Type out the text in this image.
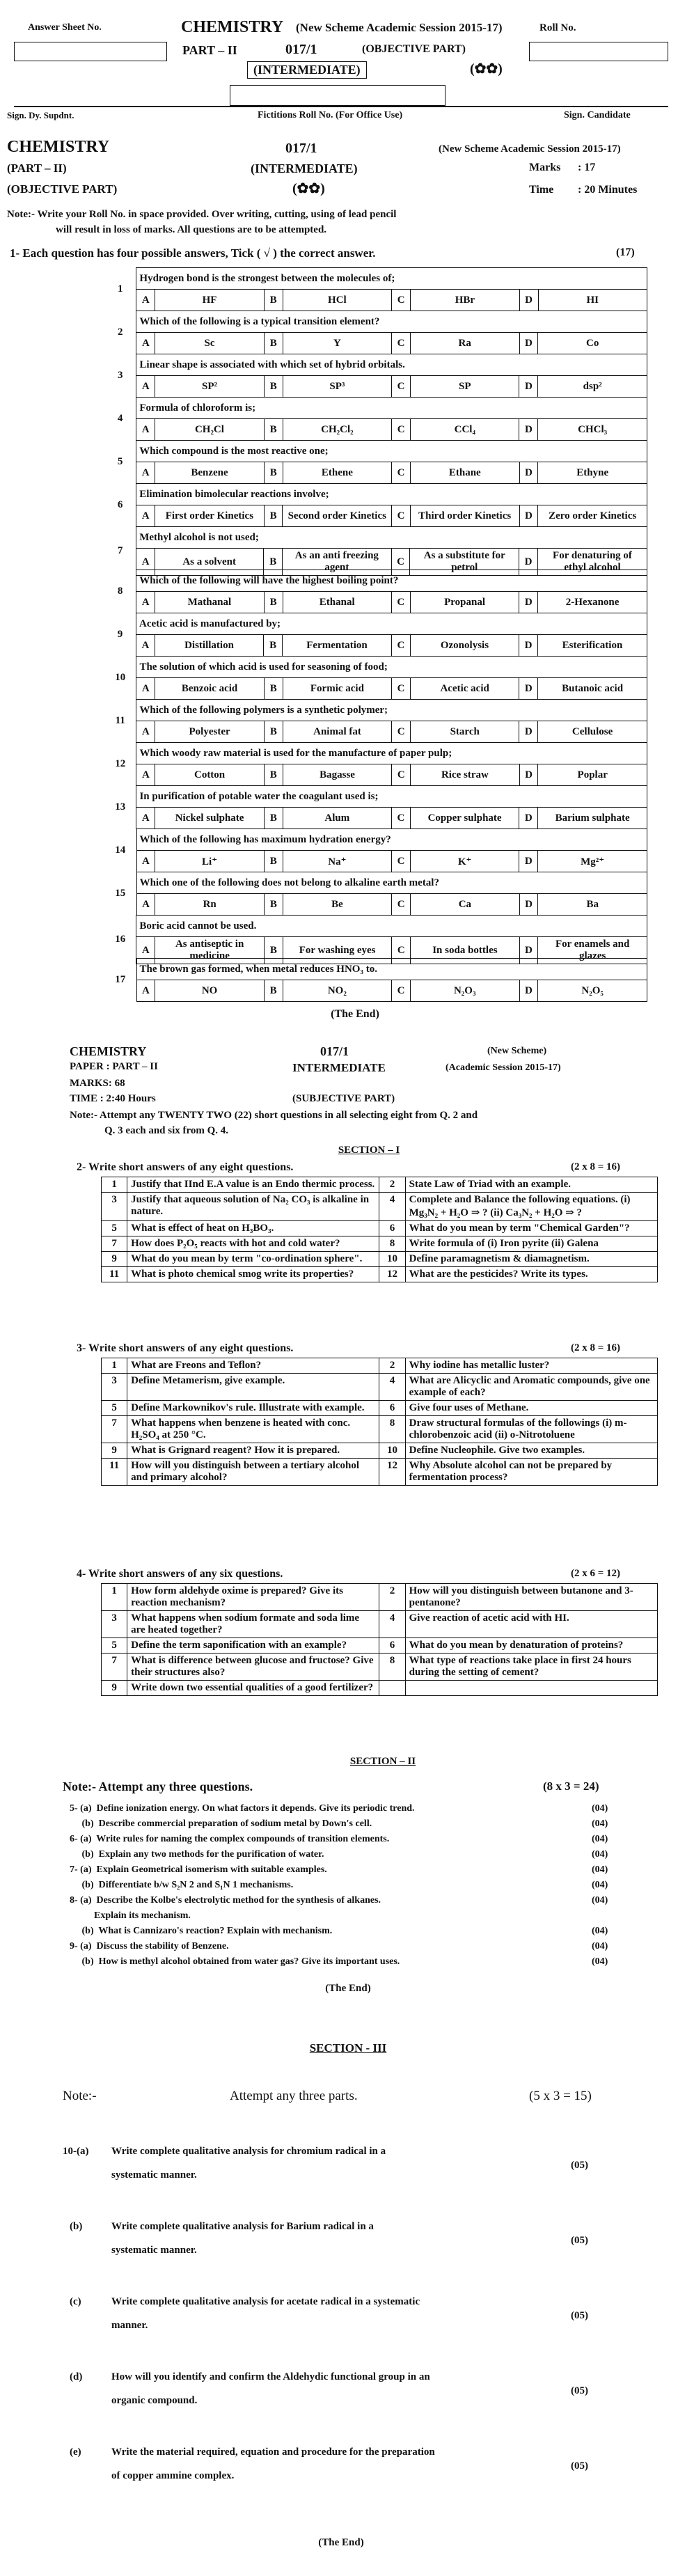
Answer Sheet No.	CHEMISTRY (New Scheme Academic Session 2015-17)	Roll No.
PART – II	017/1	(OBJECTIVE PART)
(INTERMEDIATE)	(✿✿)
Sign. Dy. Supdnt.	Fictitions Roll No. (For Office Use)	Sign. Candidate
CHEMISTRY	017/1	(New Scheme Academic Session 2015-17)
(PART – II)	(INTERMEDIATE)	Marks : 17
(OBJECTIVE PART)	(✿✿)	Time : 20 Minutes
Note:- Write your Roll No. in space provided. Over writing, cutting, using of lead pencil
will result in loss of marks. All questions are to be attempted.
1- Each question has four possible answers, Tick ( √ ) the correct answer.	(17)
1	Hydrogen bond is the strongest between the molecules of;							
	A	HF	B	HCl	C	HBr	D	HI
2	Which of the following is a typical transition element?							
	A	Sc	B	Y	C	Ra	D	Co
3	Linear shape is associated with which set of hybrid orbitals.							
	A	SP²	B	SP³	C	SP	D	dsp²
4	Formula of chloroform is;							
	A	CH₂Cl	B	CH₂Cl₂	C	CCl₄	D	CHCl₃
5	Which compound is the most reactive one;							
	A	Benzene	B	Ethene	C	Ethane	D	Ethyne
6	Elimination bimolecular reactions involve;							
	A	First order Kinetics	B	Second order Kinetics	C	Third order Kinetics	D	Zero order Kinetics
7	Methyl alcohol is not used;							
	A	As a solvent	B	As an anti freezing agent	C	As a substitute for petrol	D	For denaturing of ethyl alcohol
8	Which of the following will have the highest boiling point?							
	A	Mathanal	B	Ethanal	C	Propanal	D	2-Hexanone
9	Acetic acid is manufactured by;							
	A	Distillation	B	Fermentation	C	Ozonolysis	D	Esterification
10	The solution of which acid is used for seasoning of food;							
	A	Benzoic acid	B	Formic acid	C	Acetic acid	D	Butanoic acid
11	Which of the following polymers is a synthetic polymer;							
	A	Polyester	B	Animal fat	C	Starch	D	Cellulose
12	Which woody raw material is used for the manufacture of paper pulp;							
	A	Cotton	B	Bagasse	C	Rice straw	D	Poplar
13	In purification of potable water the coagulant used is;							
	A	Nickel sulphate	B	Alum	C	Copper sulphate	D	Barium sulphate
14	Which of the following has maximum hydration energy?							
	A	Li⁺	B	Na⁺	C	K⁺	D	Mg²⁺
15	Which one of the following does not belong to alkaline earth metal?							
	A	Rn	B	Be	C	Ca	D	Ba
16	Boric acid cannot be used.							
	A	As antiseptic in medicine	B	For washing eyes	C	In soda bottles	D	For enamels and glazes
17	The brown gas formed, when metal reduces HNO₃ to.							
	A	NO	B	NO₂	C	N₂O₃	D	N₂O₅
(The End)
CHEMISTRY	017/1	(New Scheme)
PAPER : PART – II	INTERMEDIATE	(Academic Session 2015-17)
MARKS: 68
TIME : 2:40 Hours	(SUBJECTIVE PART)
Note:- Attempt any TWENTY TWO (22) short questions in all selecting eight from Q. 2 and
Q. 3 each and six from Q. 4.
SECTION – I
2- Write short answers of any eight questions.	(2 x 8 = 16)
1	Justify that IInd E.A value is an Endo thermic process.	2	State Law of Triad with an example.
3	Justify that aqueous solution of Na₂ CO₃ is alkaline in nature.	4	Complete and Balance the following equations. (i) Mg₃N₂ + H₂O ⇒ ? (ii) Ca₃N₂ + H₂O ⇒ ?
5	What is effect of heat on H₃BO₃.	6	What do you mean by term "Chemical Garden"?
7	How does P₂O₅ reacts with hot and cold water?	8	Write formula of (i) Iron pyrite (ii) Galena
9	What do you mean by term "co-ordination sphere".	10	Define paramagnetism & diamagnetism.
11	What is photo chemical smog write its properties?	12	What are the pesticides? Write its types.
3- Write short answers of any eight questions.	(2 x 8 = 16)
1	What are Freons and Teflon?	2	Why iodine has metallic luster?
3	Define Metamerism, give example.	4	What are Alicyclic and Aromatic compounds, give one example of each?
5	Define Markownikov's rule. Illustrate with example.	6	Give four uses of Methane.
7	What happens when benzene is heated with conc. H₂SO₄ at 250 °C.	8	Draw structural formulas of the followings (i) m-chlorobenzoic acid (ii) o-Nitrotoluene
9	What is Grignard reagent? How it is prepared.	10	Define Nucleophile. Give two examples.
11	How will you distinguish between a tertiary alcohol and primary alcohol?	12	Why Absolute alcohol can not be prepared by fermentation process?
4- Write short answers of any six questions.	(2 x 6 = 12)
1	How form aldehyde oxime is prepared? Give its reaction mechanism?	2	How will you distinguish between butanone and 3-pentanone?
3	What happens when sodium formate and soda lime are heated together?	4	Give reaction of acetic acid with HI.
5	Define the term saponification with an example?	6	What do you mean by denaturation of proteins?
7	What is difference between glucose and fructose? Give their structures also?	8	What type of reactions take place in first 24 hours during the setting of cement?
9	Write down two essential qualities of a good fertilizer?		
SECTION – II
Note:- Attempt any three questions.	(8 x 3 = 24)
5- (a)  Define ionization energy. On what factors it depends. Give its periodic trend.	(04)
(b)  Describe commercial preparation of sodium metal by Down's cell.	(04)
6- (a)  Write rules for naming the complex compounds of transition elements.	(04)
(b)  Explain any two methods for the purification of water.	(04)
7- (a)  Explain Geometrical isomerism with suitable examples.	(04)
(b)  Differentiate b/w S₂N 2 and S₁N 1 mechanisms.	(04)
8- (a)  Describe the Kolbe's electrolytic method for the synthesis of alkanes.	(04)
Explain its mechanism.
(b)  What is Cannizaro's reaction? Explain with mechanism.	(04)
9- (a)  Discuss the stability of Benzene.	(04)
(b)  How is methyl alcohol obtained from water gas? Give its important uses.	(04)
(The End)
SECTION - III
Note:-	Attempt any three parts.	(5 x 3 = 15)
10-(a) Write complete qualitative analysis for chromium radical in a
systematic manner.
(05)
(b)	Write complete qualitative analysis for Barium radical in a
systematic manner.
(05)
(c)	Write complete qualitative analysis for acetate radical in a systematic
manner.
(05)
(d)	How will you identify and confirm the Aldehydic functional group in an
organic compound.
(05)
(e)	Write the material required, equation and procedure for the preparation
of copper ammine complex.
(05)
(The End)
